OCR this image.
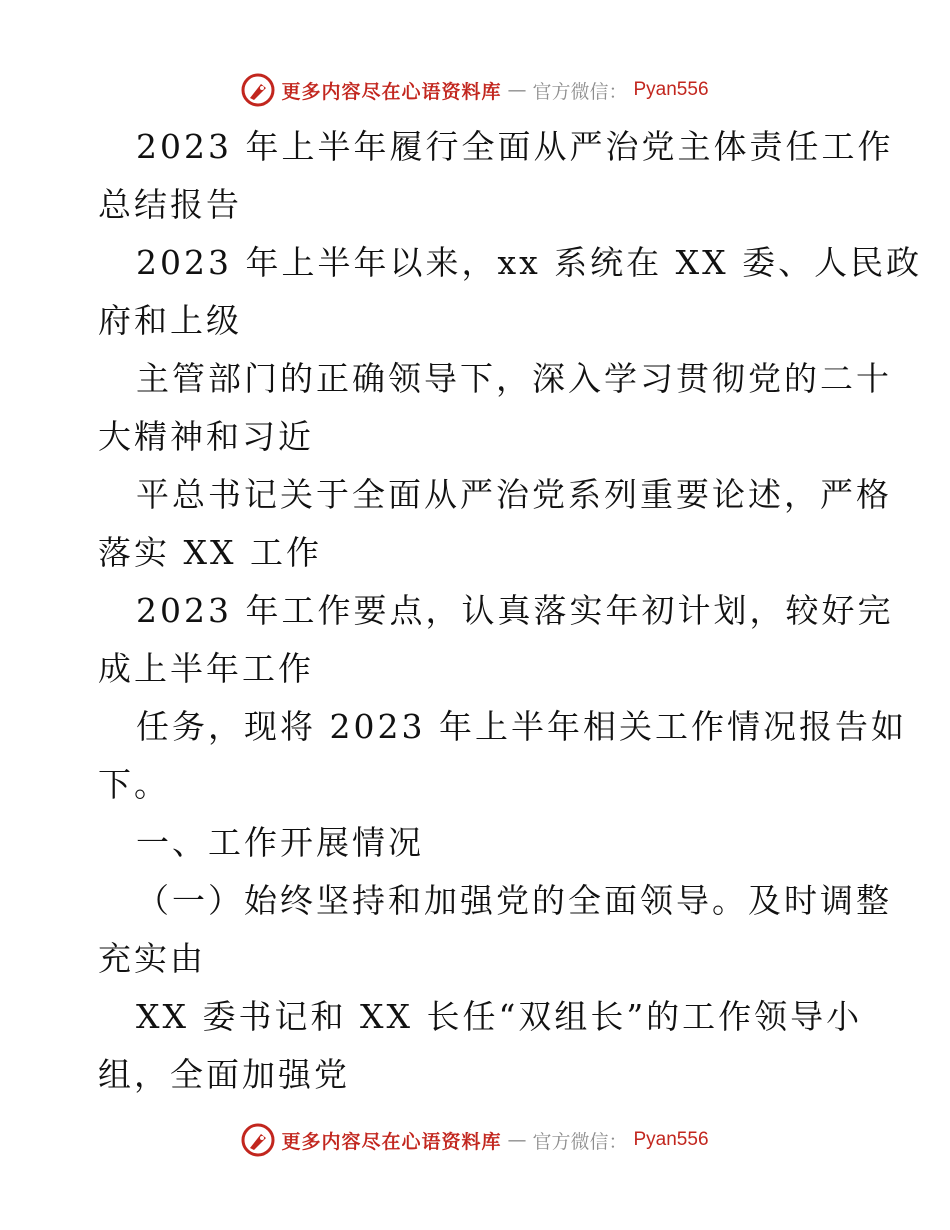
更多内容尽在心语资料库 — 官方微信： Pyan556
2023 年上半年履行全面从严治党主体责任工作
总结报告
2023 年上半年以来，xx 系统在 XX 委、人民政
府和上级
主管部门的正确领导下，深入学习贯彻党的二十
大精神和习近
平总书记关于全面从严治党系列重要论述，严格
落实 XX 工作
2023 年工作要点，认真落实年初计划，较好完
成上半年工作
任务，现将 2023 年上半年相关工作情况报告如
下。
一、工作开展情况
（一）始终坚持和加强党的全面领导。及时调整
充实由
XX 委书记和 XX 长任“双组长”的工作领导小
组，全面加强党
更多内容尽在心语资料库 — 官方微信： Pyan556
